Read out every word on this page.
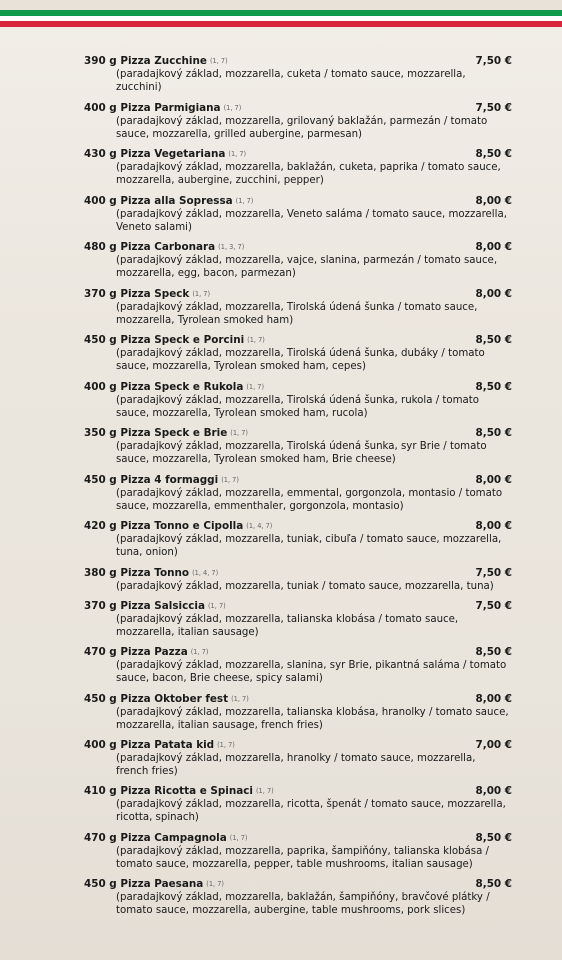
390 g Pizza Zucchine (1, 7)	7,50 €
(paradajkový základ, mozzarella, cuketa / tomato sauce, mozzarella,
zucchini)
400 g Pizza Parmigiana (1, 7)	7,50 €
(paradajkový základ, mozzarella, grilovaný baklažán, parmezán / tomato
sauce, mozzarella, grilled aubergine, parmesan)
430 g Pizza Vegetariana (1, 7)	8,50 €
(paradajkový základ, mozzarella, baklažán, cuketa, paprika / tomato sauce,
mozzarella, aubergine, zucchini, pepper)
400 g Pizza alla Sopressa (1, 7)	8,00 €
(paradajkový základ, mozzarella, Veneto saláma / tomato sauce, mozzarella,
Veneto salami)
480 g Pizza Carbonara (1, 3, 7)	8,00 €
(paradajkový základ, mozzarella, vajce, slanina, parmezán / tomato sauce,
mozzarella, egg, bacon, parmezan)
370 g Pizza Speck (1, 7)	8,00 €
(paradajkový základ, mozzarella, Tirolská údená šunka / tomato sauce,
mozzarella, Tyrolean smoked ham)
450 g Pizza Speck e Porcini (1, 7)	8,50 €
(paradajkový základ, mozzarella, Tirolská údená šunka, dubáky / tomato
sauce, mozzarella, Tyrolean smoked ham, cepes)
400 g Pizza Speck e Rukola (1, 7)	8,50 €
(paradajkový základ, mozzarella, Tirolská údená šunka, rukola / tomato
sauce, mozzarella, Tyrolean smoked ham, rucola)
350 g Pizza Speck e Brie (1, 7)	8,50 €
(paradajkový základ, mozzarella, Tirolská údená šunka, syr Brie / tomato
sauce, mozzarella, Tyrolean smoked ham, Brie cheese)
450 g Pizza 4 formaggi (1, 7)	8,00 €
(paradajkový základ, mozzarella, emmental, gorgonzola, montasio / tomato
sauce, mozzarella, emmenthaler, gorgonzola, montasio)
420 g Pizza Tonno e Cipolla (1, 4, 7)	8,00 €
(paradajkový základ, mozzarella, tuniak, cibuľa / tomato sauce, mozzarella,
tuna, onion)
380 g Pizza Tonno (1, 4, 7)	7,50 €
(paradajkový základ, mozzarella, tuniak / tomato sauce, mozzarella, tuna)
370 g Pizza Salsiccia (1, 7)	7,50 €
(paradajkový základ, mozzarella, talianska klobása / tomato sauce,
mozzarella, italian sausage)
470 g Pizza Pazza (1, 7)	8,50 €
(paradajkový základ, mozzarella, slanina, syr Brie, pikantná saláma / tomato
sauce, bacon, Brie cheese, spicy salami)
450 g Pizza Oktober fest (1, 7)	8,00 €
(paradajkový základ, mozzarella, talianska klobása, hranolky / tomato sauce,
mozzarella, italian sausage, french fries)
400 g Pizza Patata kid (1, 7)	7,00 €
(paradajkový základ, mozzarella, hranolky / tomato sauce, mozzarella,
french fries)
410 g Pizza Ricotta e Spinaci (1, 7)	8,00 €
(paradajkový základ, mozzarella, ricotta, špenát / tomato sauce, mozzarella,
ricotta, spinach)
470 g Pizza Campagnola (1, 7)	8,50 €
(paradajkový základ, mozzarella, paprika, šampiňóny, talianska klobása /
tomato sauce, mozzarella, pepper, table mushrooms, italian sausage)
450 g Pizza Paesana (1, 7)	8,50 €
(paradajkový základ, mozzarella, baklažán, šampiňóny, bravčové plátky /
tomato sauce, mozzarella, aubergine, table mushrooms, pork slices)
